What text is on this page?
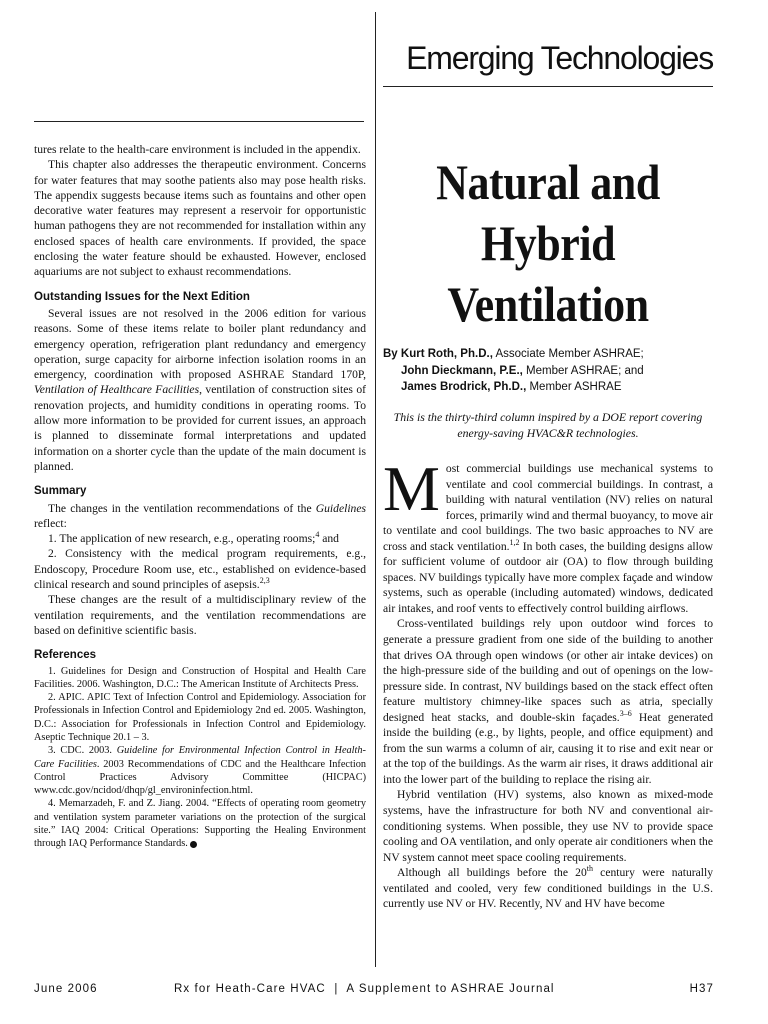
Emerging Technologies

tures relate to the health-care environment is included in the appendix.

This chapter also addresses the therapeutic environment. Concerns for water features that may soothe patients also may pose health risks. The appendix suggests because items such as fountains and other open decorative water features may represent a reservoir for opportunistic human pathogens they are not recommended for installation within any enclosed spaces of health care environments. If provided, the space enclosing the water feature should be exhausted. However, enclosed aquariums are not subject to exhaust recommendations.

Outstanding Issues for the Next Edition

Several issues are not resolved in the 2006 edition for various reasons. Some of these items relate to boiler plant redundancy and emergency operation, refrigeration plant redundancy and emergency operation, surge capacity for airborne infection isolation rooms in an emergency, coordination with proposed ASHRAE Standard 170P, Ventilation of Healthcare Facilities, ventilation of construction sites of renovation projects, and humidity conditions in operating rooms. To allow more information to be provided for current issues, an approach is planned to disseminate formal interpretations and updated information on a shorter cycle than the update of the main document is planned.

Summary

The changes in the ventilation recommendations of the Guidelines reflect:

1. The application of new research, e.g., operating rooms;$^4$ and

2. Consistency with the medical program requirements, e.g., Endoscopy, Procedure Room use, etc., established on evidence-based clinical research and sound principles of asepsis.$^{2,3}$

These changes are the result of a multidisciplinary review of the ventilation requirements, and the ventilation recommendations are based on definitive scientific basis.

References

1. Guidelines for Design and Construction of Hospital and Health Care Facilities. 2006. Washington, D.C.: The American Institute of Architects Press.

2. APIC. APIC Text of Infection Control and Epidemiology. Association for Professionals in Infection Control and Epidemiology 2nd ed. 2005. Washington, D.C.: Association for Professionals in Infection Control and Epidemiology. Aseptic Technique 20.1 – 3.

3. CDC. 2003. Guideline for Environmental Infection Control in Health-Care Facilities. 2003 Recommendations of CDC and the Healthcare Infection Control Practices Advisory Committee (HICPAC) www.cdc.gov/ncidod/dhqp/gl_environinfection.html.

4. Memarzadeh, F. and Z. Jiang. 2004. “Effects of operating room geometry and ventilation system parameter variations on the protection of the surgical site.” IAQ 2004: Critical Operations: Supporting the Healing Environment through IAQ Performance Standards.

Natural and
Hybrid
Ventilation
By Kurt Roth, Ph.D., Associate Member ASHRAE;
John Dieckmann, P.E., Member ASHRAE; and
James Brodrick, Ph.D., Member ASHRAE
This is the thirty-third column inspired by a DOE report covering energy-saving HVAC&R technologies.

Most commercial buildings use mechanical systems to ventilate and cool commercial buildings. In contrast, a building with natural ventilation (NV) relies on natural forces, primarily wind and thermal buoyancy, to move air to ventilate and cool buildings. The two basic approaches to NV are cross and stack ventilation.$^{1,2}$ In both cases, the building designs allow for sufficient volume of outdoor air (OA) to flow through building spaces. NV buildings typically have more complex façade and window systems, such as operable (including automated) windows, dedicated air intakes, and roof vents to effectively control building airflows.

Cross-ventilated buildings rely upon outdoor wind forces to generate a pressure gradient from one side of the building to another that drives OA through open windows (or other air intake devices) on the high-pressure side of the building and out of openings on the low-pressure side. In contrast, NV buildings based on the stack effect often feature multistory chimney-like spaces such as atria, specially designed heat stacks, and double-skin façades.$^{3-6}$ Heat generated inside the building (e.g., by lights, people, and office equipment) and from the sun warms a column of air, causing it to rise and exit near or at the top of the buildings. As the warm air rises, it draws additional air into the lower part of the building to replace the rising air.

Hybrid ventilation (HV) systems, also known as mixed-mode systems, have the infrastructure for both NV and conventional air-conditioning systems. When possible, they use NV to provide space cooling and OA ventilation, and only operate air conditioners when the NV system cannot meet space cooling requirements.

Although all buildings before the 20th century were naturally ventilated and cooled, very few conditioned buildings in the U.S. currently use NV or HV. Recently, NV and HV have become

June 2006	Rx for Heath-Care HVAC  |  A Supplement to ASHRAE Journal	H37
